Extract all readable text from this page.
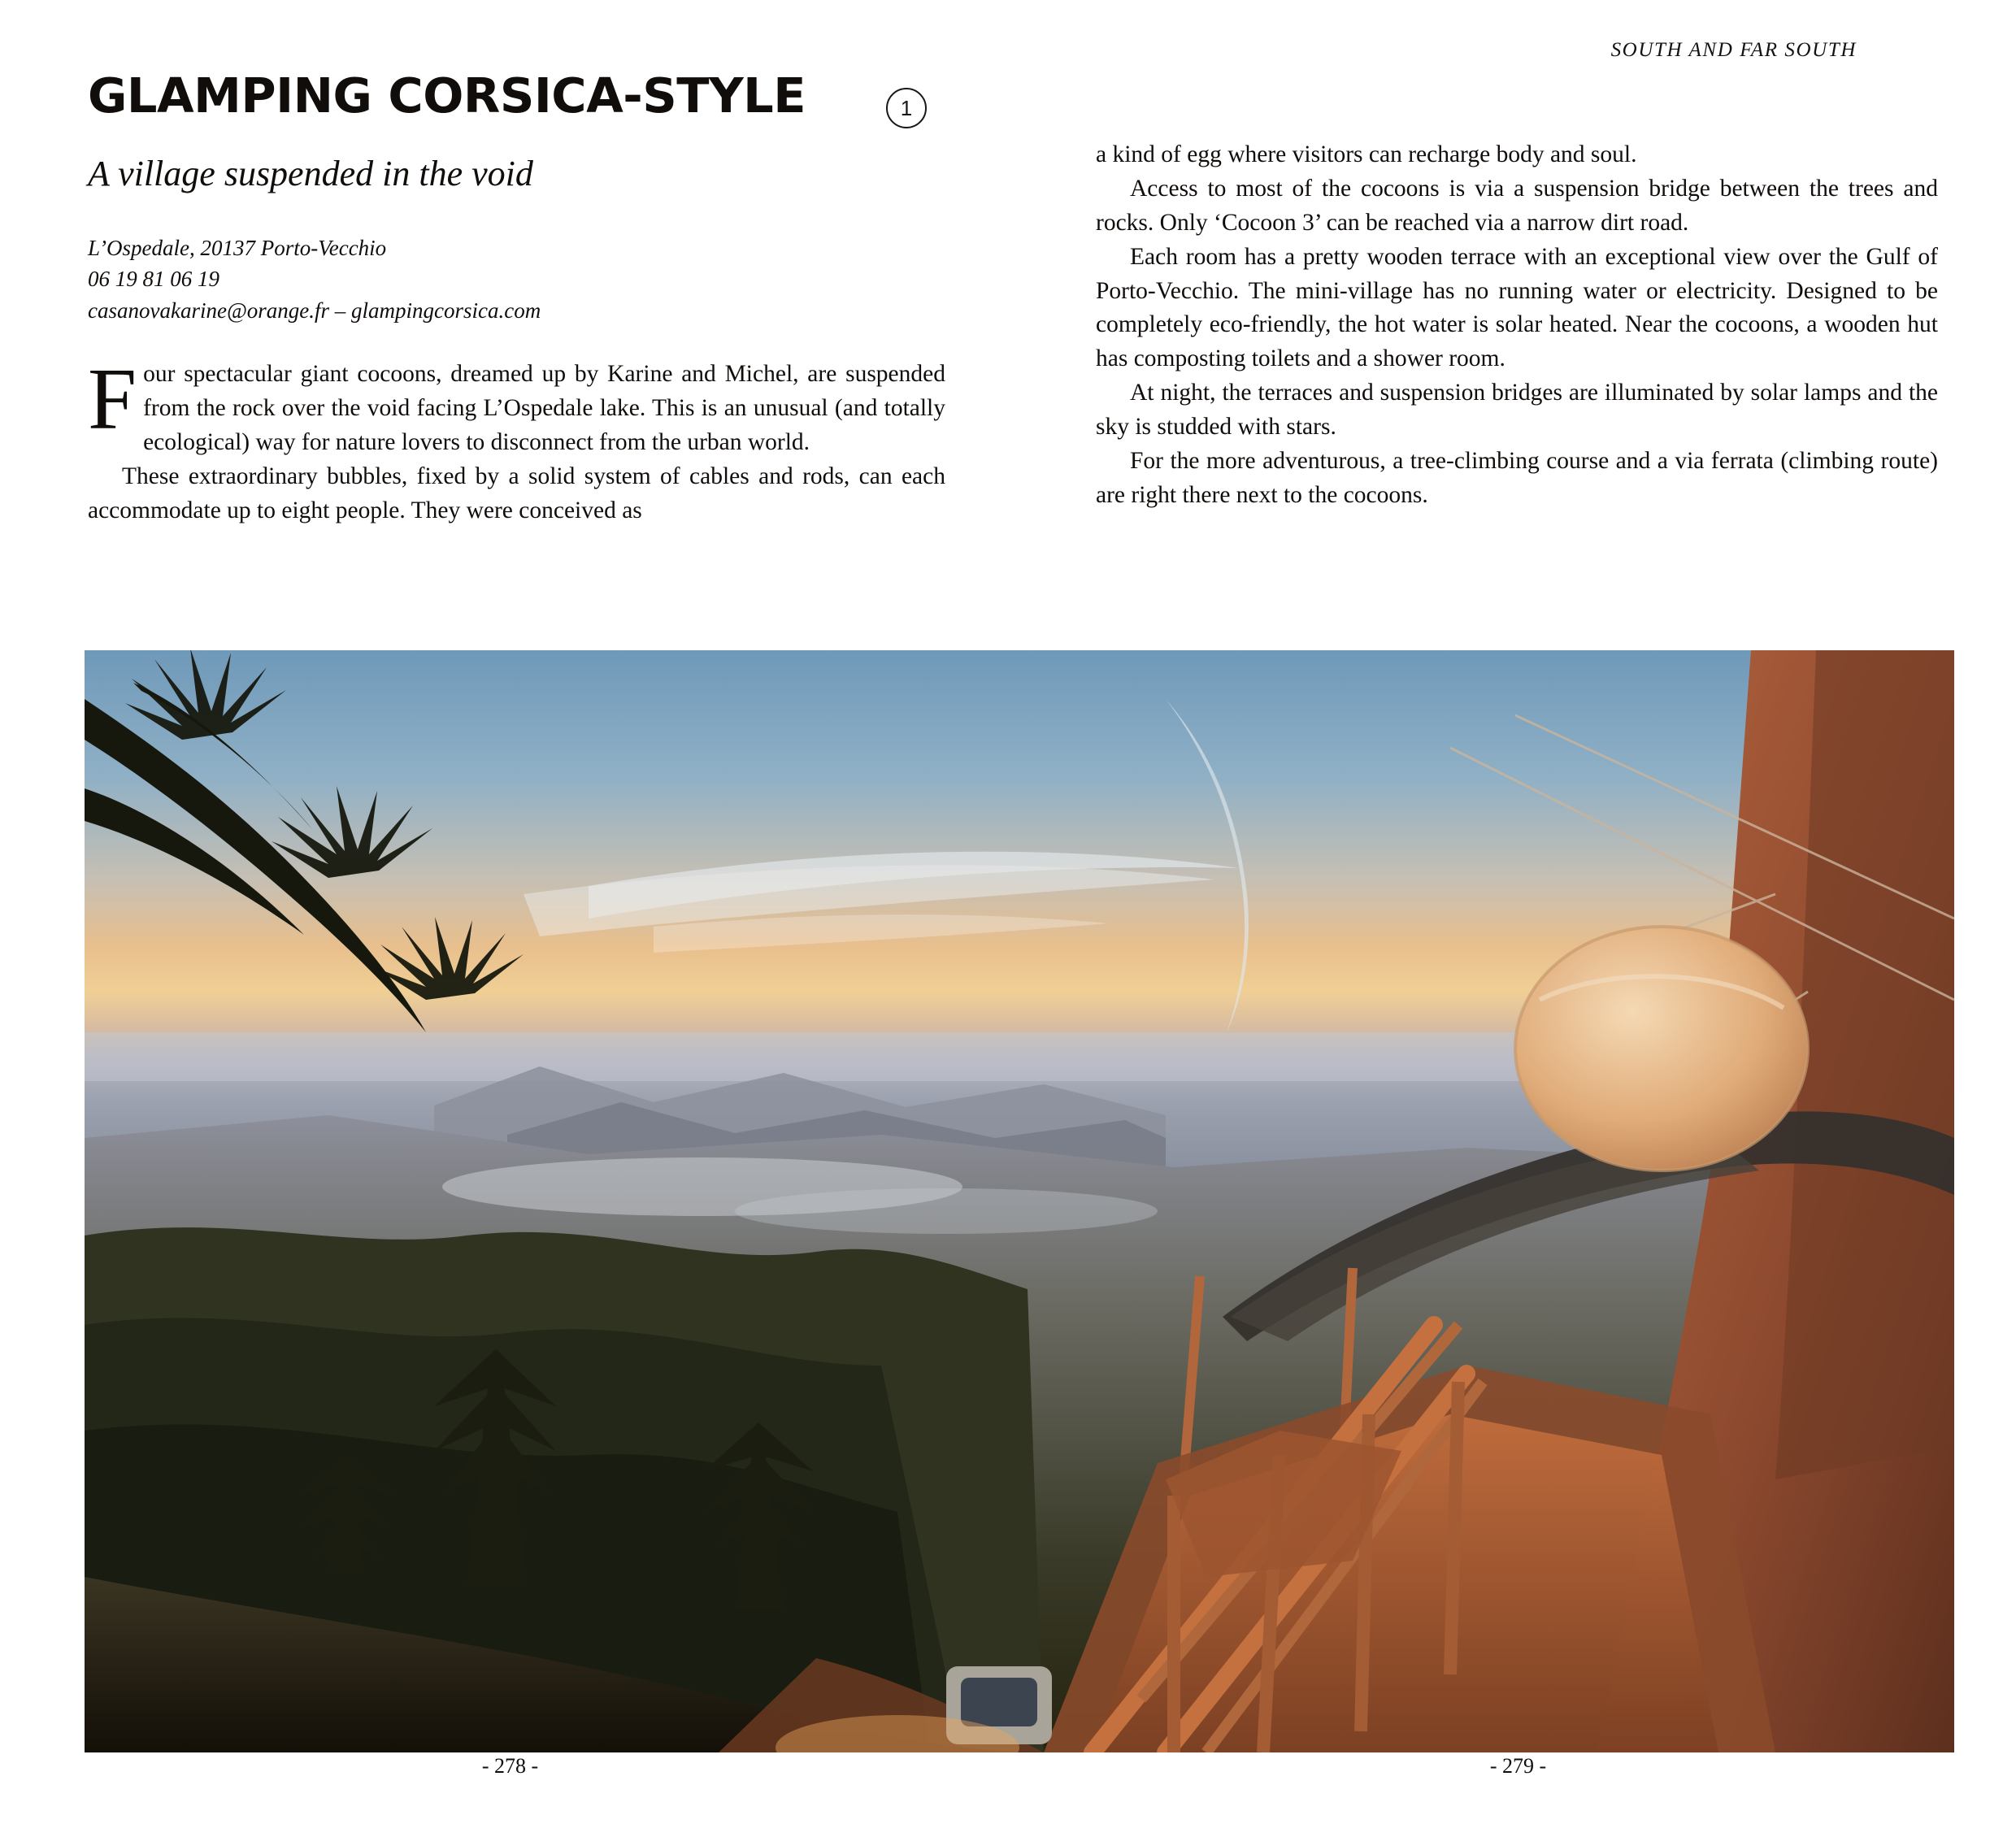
SOUTH AND FAR SOUTH
GLAMPING CORSICA-STYLE
A village suspended in the void
L’Ospedale, 20137 Porto-Vecchio
06 19 81 06 19
casanovakarine@orange.fr – glampingcorsica.com

Four spectacular giant cocoons, dreamed up by Karine and Michel, are suspended from the rock over the void facing L’Ospedale lake. This is an unusual (and totally ecological) way for nature lovers to disconnect from the urban world.

These extraordinary bubbles, fixed by a solid system of cables and rods, can each accommodate up to eight people. They were conceived as

1

a kind of egg where visitors can recharge body and soul.

Access to most of the cocoons is via a suspension bridge between the trees and rocks. Only ‘Cocoon 3’ can be reached via a narrow dirt road.

Each room has a pretty wooden terrace with an exceptional view over the Gulf of Porto-Vecchio. The mini-village has no running water or electricity. Designed to be completely eco-friendly, the hot water is solar heated. Near the cocoons, a wooden hut has composting toilets and a shower room.

At night, the terraces and suspension bridges are illuminated by solar lamps and the sky is studded with stars.

For the more adventurous, a tree-climbing course and a via ferrata (climbing route) are right there next to the cocoons.

- 278 -	- 279 -
